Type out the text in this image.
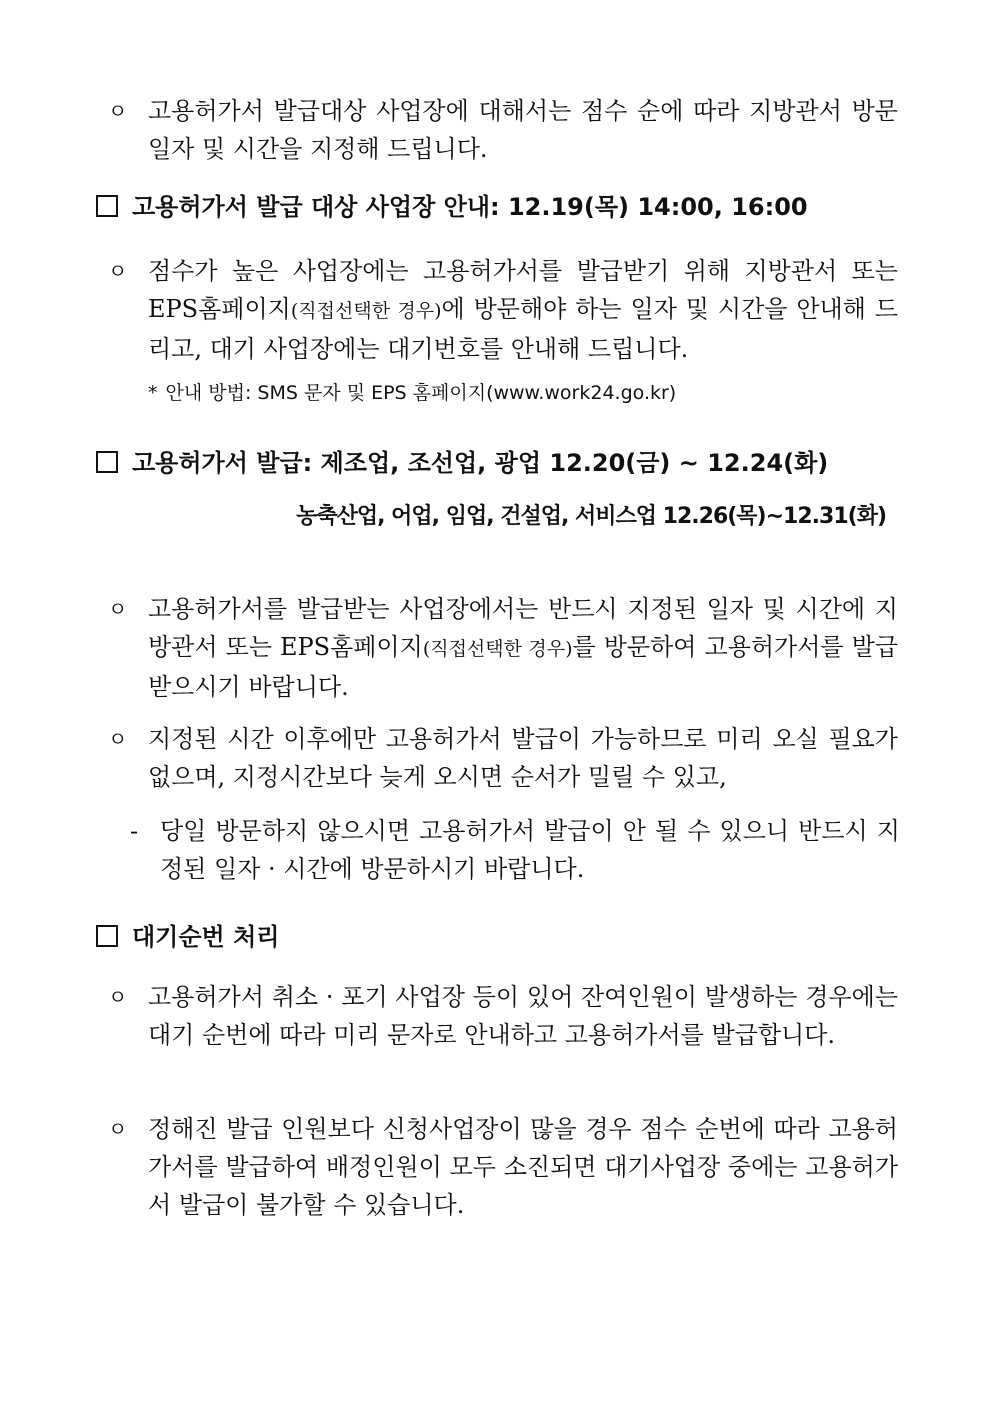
ㅇ 고용허가서 발급대상 사업장에 대해서는 점수 순에 따라 지방관서 방문 일자 및 시간을 지정해 드립니다.
고용허가서 발급 대상 사업장 안내: 12.19(목) 14:00, 16:00
ㅇ 점수가 높은 사업장에는 고용허가서를 발급받기 위해 지방관서 또는 EPS홈페이지(직접선택한 경우)에 방문해야 하는 일자 및 시간을 안내해 드리고, 대기 사업장에는 대기번호를 안내해 드립니다.
* 안내 방법: SMS 문자 및 EPS 홈페이지(www.work24.go.kr)
고용허가서 발급: 제조업, 조선업, 광업 12.20(금) ~ 12.24(화)
농축산업, 어업, 임업, 건설업, 서비스업 12.26(목)~12.31(화)
ㅇ 고용허가서를 발급받는 사업장에서는 반드시 지정된 일자 및 시간에 지방관서 또는 EPS홈페이지(직접선택한 경우)를 방문하여 고용허가서를 발급 받으시기 바랍니다.
ㅇ 지정된 시간 이후에만 고용허가서 발급이 가능하므로 미리 오실 필요가 없으며, 지정시간보다 늦게 오시면 순서가 밀릴 수 있고,
- 당일 방문하지 않으시면 고용허가서 발급이 안 될 수 있으니 반드시 지정된 일자 · 시간에 방문하시기 바랍니다.
대기순번 처리
ㅇ 고용허가서 취소 · 포기 사업장 등이 있어 잔여인원이 발생하는 경우에는 대기 순번에 따라 미리 문자로 안내하고 고용허가서를 발급합니다.
ㅇ 정해진 발급 인원보다 신청사업장이 많을 경우 점수 순번에 따라 고용허가서를 발급하여 배정인원이 모두 소진되면 대기사업장 중에는 고용허가서 발급이 불가할 수 있습니다.
